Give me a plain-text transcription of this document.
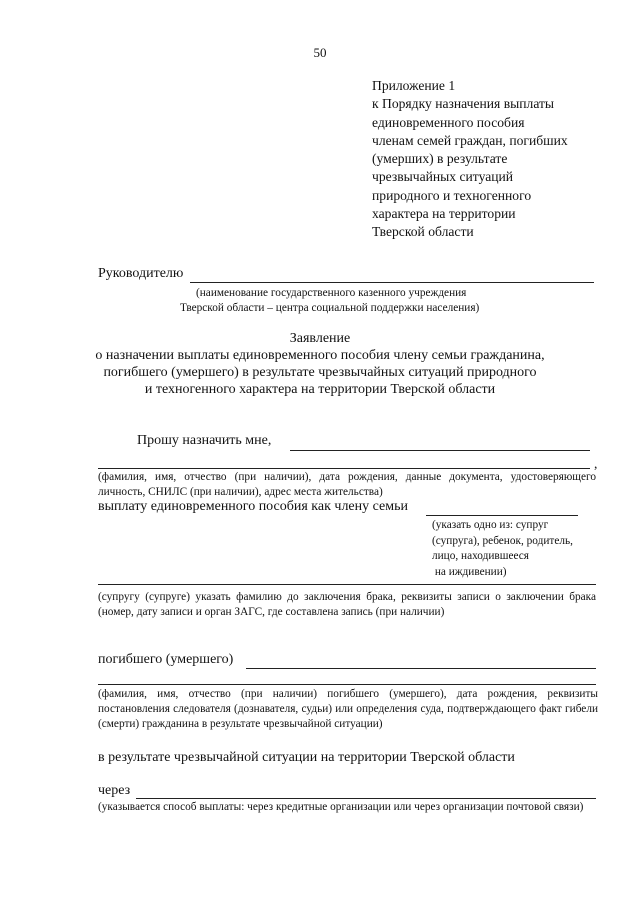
50
Приложение 1
к Порядку назначения выплаты
единовременного пособия
членам семей граждан, погибших
(умерших) в результате
чрезвычайных ситуаций
природного и техногенного
характера на территории
Тверской области
Руководителю
(наименование государственного казенного учреждения
Тверской области – центра социальной поддержки населения)
Заявление
о назначении выплаты единовременного пособия члену семьи гражданина,
погибшего (умершего) в результате чрезвычайных ситуаций природного
и техногенного характера на территории Тверской области
Прошу назначить мне,
,
(фамилия, имя, отчество (при наличии), дата рождения, данные документа, удостоверяющего личность, СНИЛС (при наличии), адрес места жительства)
выплату единовременного пособия как члену семьи
(указать одно из: супруг
(супруга), ребенок, родитель,
лицо, находившееся
на иждивении)
(супругу (супруге) указать фамилию до заключения брака, реквизиты записи о заключении брака (номер, дату записи и орган ЗАГС, где составлена запись (при наличии)
погибшего (умершего)
(фамилия, имя, отчество (при наличии) погибшего (умершего), дата рождения, реквизиты постановления следователя (дознавателя, судьи) или определения суда, подтверждающего факт гибели (смерти) гражданина в результате чрезвычайной ситуации)
в результате чрезвычайной ситуации на территории Тверской области
через
(указывается способ выплаты: через кредитные организации или через организации почтовой связи)
